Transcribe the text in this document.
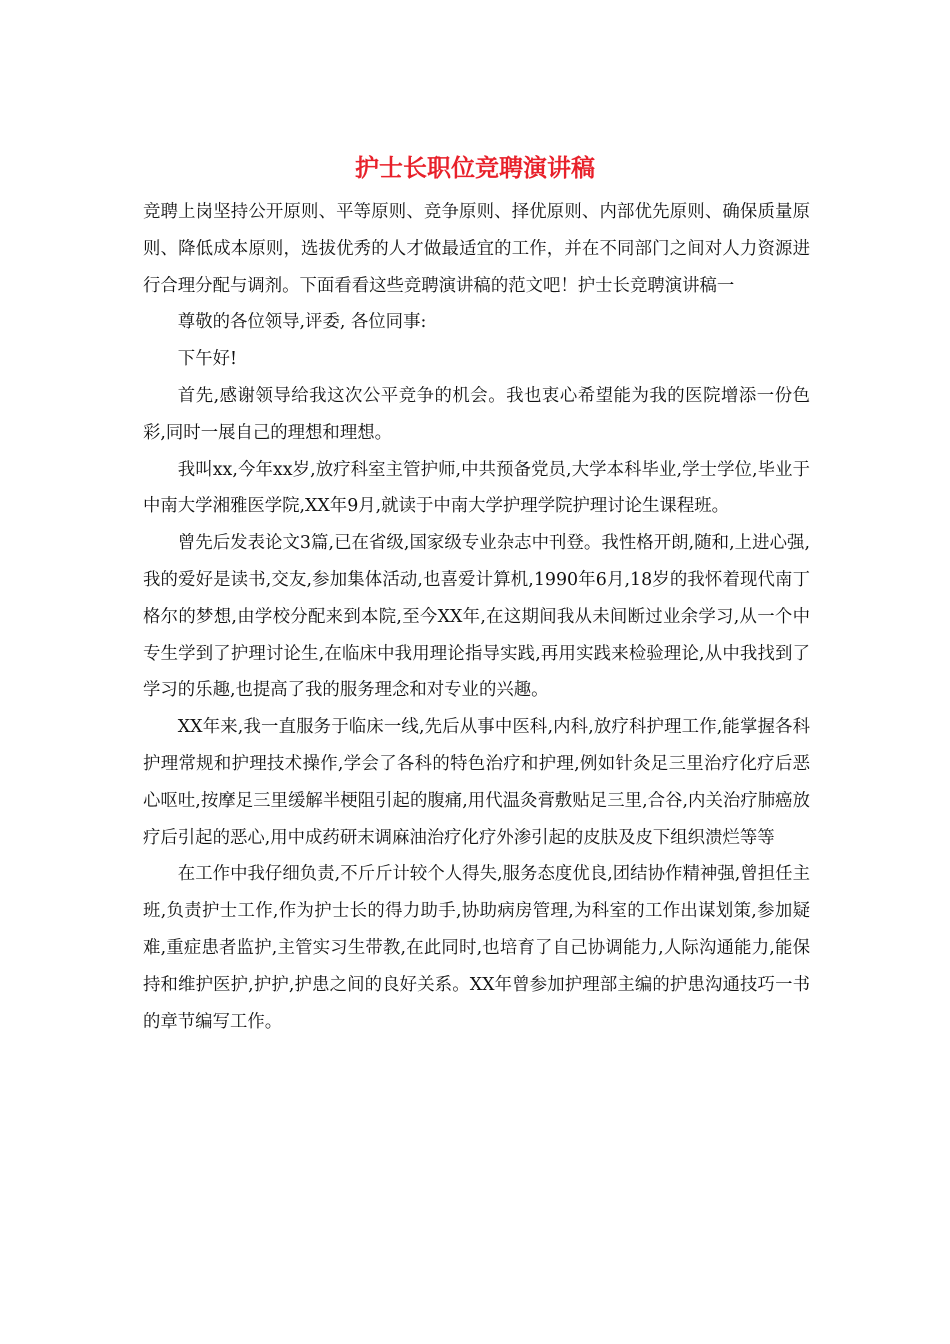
护士长职位竞聘演讲稿

竞聘上岗坚持公开原则、平等原则、竞争原则、择优原则、内部优先原则、确保质量原则、降低成本原则，选拔优秀的人才做最适宜的工作，并在不同部门之间对人力资源进行合理分配与调剂。下面看看这些竞聘演讲稿的范文吧！护士长竞聘演讲稿一

尊敬的各位领导,评委, 各位同事:

下午好!

首先,感谢领导给我这次公平竞争的机会。我也衷心希望能为我的医院增添一份色彩,同时一展自己的理想和理想。

我叫xx,今年xx岁,放疗科室主管护师,中共预备党员,大学本科毕业,学士学位,毕业于中南大学湘雅医学院,XX年9月,就读于中南大学护理学院护理讨论生课程班。

曾先后发表论文3篇,已在省级,国家级专业杂志中刊登。我性格开朗,随和,上进心强,我的爱好是读书,交友,参加集体活动,也喜爱计算机,1990年6月,18岁的我怀着现代南丁格尔的梦想,由学校分配来到本院,至今XX年,在这期间我从未间断过业余学习,从一个中专生学到了护理讨论生,在临床中我用理论指导实践,再用实践来检验理论,从中我找到了学习的乐趣,也提高了我的服务理念和对专业的兴趣。

XX年来,我一直服务于临床一线,先后从事中医科,内科,放疗科护理工作,能掌握各科护理常规和护理技术操作,学会了各科的特色治疗和护理,例如针灸足三里治疗化疗后恶心呕吐,按摩足三里缓解半梗阻引起的腹痛,用代温灸膏敷贴足三里,合谷,内关治疗肺癌放疗后引起的恶心,用中成药研末调麻油治疗化疗外渗引起的皮肤及皮下组织溃烂等等

在工作中我仔细负责,不斤斤计较个人得失,服务态度优良,团结协作精神强,曾担任主班,负责护士工作,作为护士长的得力助手,协助病房管理,为科室的工作出谋划策,参加疑难,重症患者监护,主管实习生带教,在此同时,也培育了自己协调能力,人际沟通能力,能保持和维护医护,护护,护患之间的良好关系。XX年曾参加护理部主编的护患沟通技巧一书的章节编写工作。
